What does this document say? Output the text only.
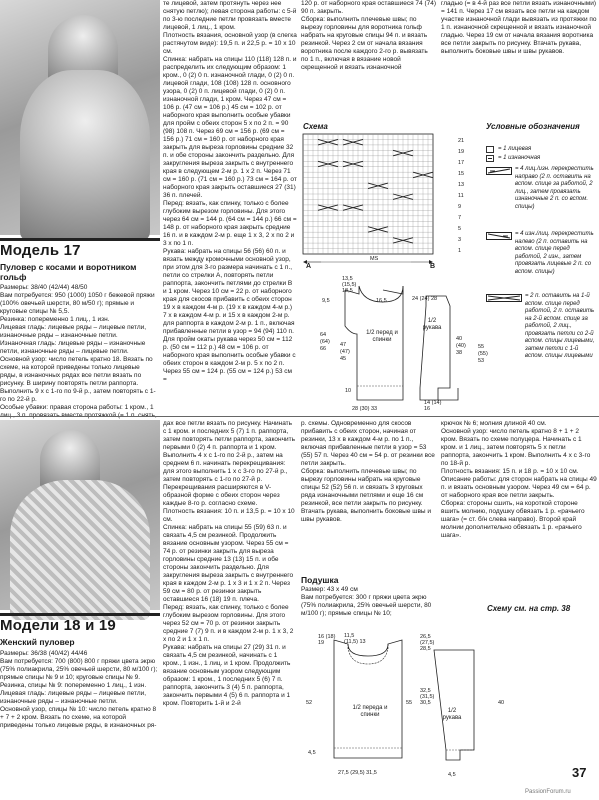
Модель 17
Пуловер с косами и воротником гольф

Размеры: 38/40 (42/44) 48/50

Вам потребуется: 950 (1000) 1050 г бежевой пряжи (100% овечьей шерсти, 80 м/50 г); прямые и круговые спицы № 5,5.

Резинка: попеременно 1 лиц., 1 изн.

Лицевая гладь: лицевые ряды – лицевые петли, изнаночные ряды – изнаночные петли.

Изнаночная гладь: лицевые ряды – изнаночные петли, изнаночные ряды – лицевые петли.

Основной узор: число петель кратно 18. Вязать по схеме, на которой приведены только лицевые ряды, в изнаночных рядах все петли вязать по рисунку. В ширину повторять петли раппорта. Выполнить 9 х с 1-го по 9-й р., затем повторять с 1-го по 22-й р.

Особые убавки: правая сторона работы: 1 кром., 1

те лицевой, затем протянуть через нее снятую петлю); левая сторона работы: с 5-й по 3-ю последние петли провязать вместе лицевой, 1 лиц., 1 кром.

Плотность вязания, основной узор (в слегка растянутом виде): 19,5 п. и 22,5 р. = 10 х 10 см.

Спинка: набрать на спицы 110 (118) 128 п. и распределить их следующим образом: 1 кром., 0 (2) 0 п. изнаночной глади, 0 (2) 0 п. лицевой глади, 108 (108) 128 п. основного узора, 0 (2) 0 п. лицевой глади, 0 (2) 0 п. изнаночной глади, 1 кром. Через 47 см = 106 р. (47 см = 106 р.) 45 см = 102 р. от наборного края выполнить особые убавки для пройм с обеих сторон 5 х по 2 п. = 90 (98) 108 п. Через 69 см = 156 р. (69 см = 156 р.) 71 см = 160 р. от наборного края закрыть для выреза горловины средние 32 п. и обе стороны закончить раздельно. Для закругления выреза закрыть с внутреннего края в следующем 2-м р. 1 х 2 п. Через 71 см = 160 р. (71 см = 160 р.) 73 см = 164 р. от наборного края закрыть оставшиеся 27 (31) 36 п. плечей.

Перед: вязать, как спинку, только с более глубоким вырезом горловины. Для этого через 64 см = 144 р. (64 см = 144 р.) 66 см = 148 р. от наборного края закрыть средние 16 п. и в каждом 2-м р. еще 1 х 3, 2 х по 2 и 3 х по 1 п.

Рукава: набрать на спицы 56 (56) 60 п. и вязать между кромочными основной узор, при этом для 3-го размера начинать с 1 п., петли со стрелки A, повторять петли раппорта, закончить петлями до стрелки В и 1 кром. Через 10 см = 22 р. от наборного края для скосов прибавить с обеих сторон 19 х в каждом 4-м р. (19 х в каждом 4-м р.) 7 х в каждом 4-м р. и 15 х в каждом 2-м р. для раппорта в каждом 2-м р. 1 п., включая прибавленные петли в узор = 94 (94) 110 п. Для пройм окаты рукава через 50 см = 112 р. (50 см = 112 р.) 48 см = 106 р. от наборного края выполнить особые убавки с обеих сторон в каждом 2-м р. 5 х по 2 п. Через 55 см = 124 р. (55 см = 124 р.) 53 см =

120 р. от наборного края оставшиеся 74 (74) 90 п. закрыть.

Сборка: выполнить плечевые швы; по вырезу горловины для воротника гольф набрать на круговые спицы 94 п. и вязать резинкой. Через 2 см от начала вязания воротника после каждого 2-го р. вывязать по 1 п., включая в вязание новой скрещенной и вязать изнаночной

гладью (= в 4-й раз все петли вязать изнаночными) = 141 п. Через 17 см вязать все петли на каждом участке изнаночной глади вывязать из протяжки по 1 п. изнаночной скрещенной и вязать изнаночной гладью. Через 19 см от начала вязания воротника все петли закрыть по рисунку. Втачать рукава, выполнить боковые швы и швы рукавов.

Схема
A	B
MS
21
19
17
15
13
11
9
7
5
3
1
Условные обозначения
= 1 лицевая
= 1 изнаночная
= 4 лиц./изн. перекрестить направо (2 п. оставить на вспом. спице за работой, 2 лиц., затем провязать изнаночные 2 п. со вспом. спицы)
= 4 изн./лиц. перекрестить налево (2 п. оставить на вспом. спице перед работой, 2 изн., затем провязать лицевые 2 п. со вспом. спицы)
= 2 п. оставить на 1-й вспом. спице перед работой, 2 п. оставить на 2-й вспом. спице за работой, 2 лиц., провязать петли со 2-й вспом. спицы лицевыми, затем петли с 1-й вспом. спицы лицевыми
1/2 перед и спинки
13,5 (15,5) 18,5
9,5	16,5
64 (64) 66
47 (47) 45
10
28 (30) 33
1/2 рукава
24 (24) 28
40 (40) 38
55 (55) 53
14 (14) 16
Модели 18 и 19
Женский пуловер

Размеры: 36/38 (40/42) 44/46

Вам потребуется: 700 (800) 800 г пряжи цвета экрю (75% полиакрила, 25% овечьей шерсти, 80 м/100 г); прямые спицы № 9 и 10; круговые спицы № 9.

Резинка, спицы № 9: попеременно 1 лиц., 1 изн.

Лицевая гладь: лицевые ряды – лицевые петли, изнаночные ряды – изнаночные петли.

Основной узор, спицы № 10: число петель кратно 8 + 7 + 2 кром. Вязать по схеме, на которой приведены только лицевые ряды, в изнаночных ря-

дах все петли вязать по рисунку. Начинать с 1 кром. и последних 5 (7) 1 п. раппорта, затем повторять петли раппорта, закончить первыми 0 (2) 4 п. раппорта и 1 кром. Выполнить 4 х с 1-го по 2-й р., затем на среднем 6 п. начинать перекрещивания: для этого выполнить 1 х с 3-го по 27-й р., затем повторять с 1-го по 27-й р. Перекрещивания расширяются в V-образной форме с обеих сторон через каждые 8-го р. согласно схеме.

Плотность вязания: 10 п. и 13,5 р. = 10 х 10 см.

Спинка: набрать на спицы 55 (59) 63 п. и связать 4,5 см резинкой. Продолжить вязание основным узором. Через 55 см = 74 р. от резинки закрыть для выреза горловины средние 13 (13) 15 п. и обе стороны закончить раздельно. Для закругления выреза закрыть с внутреннего края в каждом 2-м р. 1 х 3 и 1 х 2 п. Через 59 см = 80 р. от резинки закрыть оставшиеся 16 (18) 19 п. плеча.

Перед: вязать, как спинку, только с более глубоким вырезом горловины. Для этого через 52 см = 70 р. от резинки закрыть средние 7 (7) 9 п. и в каждом 2-м р. 1 х 3, 2 х по 2 и 1 х 1 п.

Рукава: набрать на спицы 27 (29) 31 п. и связать 4,5 см резинкой, начинать с 1 кром., 1 изн., 1 лиц. и 1 кром. Продолжить вязание основным узором следующим образом: 1 кром., 1 последних 5 (6) 7 п. раппорта, закончить 3 (4) 5 п. раппорта, закончить первыми 4 (5) 6 п. раппорта и 1 кром. Повторить 1-й и 2-й

р. схемы. Одновременно для скосов прибавить с обеих сторон, начиная от резинки, 13 х в каждом 4-м р. по 1 п., включая прибавленные петли в узор = 53 (55) 57 п. Через 40 см = 54 р. от резинки все петли закрыть.

Сборка: выполнить плечевые швы; по вырезу горловины набрать на круговые спицы 52 (52) 56 п. и связать 3 круговых ряда изнаночными петлями и еще 16 см резинкой, все петли закрыть по рисунку. Втачать рукава, выполнить боковые швы и швы рукавов.

Подушка

Размер: 43 х 49 см

Вам потребуется: 300 г пряжи цвета экрю (75% полиакрила, 25% овечьей шерсти, 80 м/100 г); прямые спицы № 10;

крючок № 6; молния длиной 40 см.

Основной узор: число петель кратно 8 + 1 + 2 кром. Вязать по схеме полуцера. Начинать с 1 кром. и 1 лиц., затем повторять 5 х петли раппорта, закончить 1 кром. Выполнить 4 х с 3-го по 18-й р.

Плотность вязания: 15 п. и 18 р. = 10 х 10 см.

Описание работы: для сторон набрать на спицы 49 п. и вязать основным узором. Через 49 см = 64 р. от наборного края все петли закрыть.

Сборка: стороны сшить, на короткой стороне вшить молнию, подушку обвязать 1 р. «рачьего шага» (= ст. б/н слева направо). Второй край молнии дополнительно обвязать 1 р. «рачьего шага».

Схему см. на стр. 38
1/2 переда и спинки
11,5 (11,5) 13
16 (18) 19
52	55
4,5
27,5 (29,5) 31,5
1/2 рукава
26,5 (27,5) 28,5
32,5 (31,5) 30,5	40
4,5	37
PassionForum.ru
